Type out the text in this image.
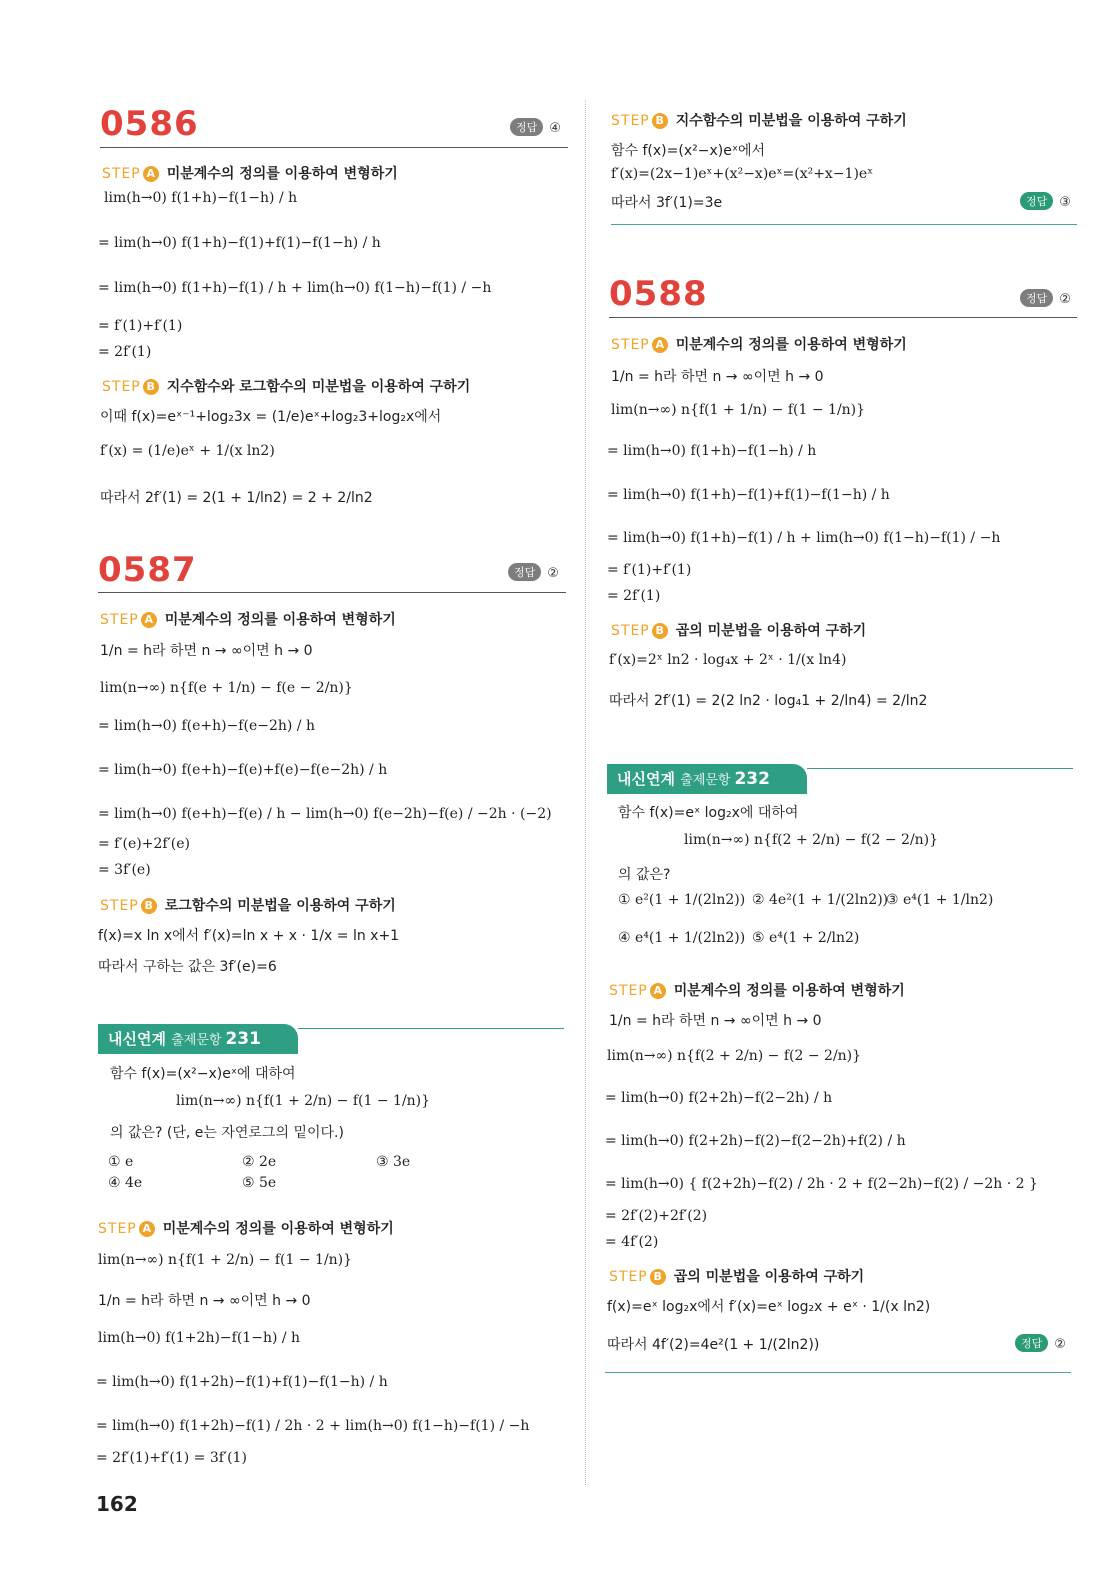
0586	정답 ④
STEP A 미분계수의 정의를 이용하여 변형하기
lim(h→0) f(1+h)−f(1−h) / h
= lim(h→0) f(1+h)−f(1)+f(1)−f(1−h) / h
= lim(h→0) f(1+h)−f(1) / h + lim(h→0) f(1−h)−f(1) / −h
= f′(1)+f′(1)
= 2f′(1)
STEP B 지수함수와 로그함수의 미분법을 이용하여 구하기
이때 f(x)=eˣ⁻¹+log₂3x = (1/e)eˣ+log₂3+log₂x에서
f′(x) = (1/e)eˣ + 1/(x ln2)
따라서 2f′(1) = 2(1 + 1/ln2) = 2 + 2/ln2
0587	정답 ②
STEP A 미분계수의 정의를 이용하여 변형하기
1/n = h라 하면 n → ∞이면 h → 0
lim(n→∞) n{f(e + 1/n) − f(e − 2/n)}
= lim(h→0) f(e+h)−f(e−2h) / h
= lim(h→0) f(e+h)−f(e)+f(e)−f(e−2h) / h
= lim(h→0) f(e+h)−f(e) / h − lim(h→0) f(e−2h)−f(e) / −2h · (−2)
= f′(e)+2f′(e)
= 3f′(e)
STEP B 로그함수의 미분법을 이용하여 구하기
f(x)=x ln x에서 f′(x)=ln x + x · 1/x = ln x+1
따라서 구하는 값은 3f′(e)=6
내신연계 출제문항 231
함수 f(x)=(x²−x)eˣ에 대하여
lim(n→∞) n{f(1 + 2/n) − f(1 − 1/n)}
의 값은? (단, e는 자연로그의 밑이다.)
① e	② 2e	③ 3e
④ 4e	⑤ 5e
STEP A 미분계수의 정의를 이용하여 변형하기
lim(n→∞) n{f(1 + 2/n) − f(1 − 1/n)}
1/n = h라 하면 n → ∞이면 h → 0
lim(h→0) f(1+2h)−f(1−h) / h
= lim(h→0) f(1+2h)−f(1)+f(1)−f(1−h) / h
= lim(h→0) f(1+2h)−f(1) / 2h · 2 + lim(h→0) f(1−h)−f(1) / −h
= 2f′(1)+f′(1) = 3f′(1)
162
STEP B 지수함수의 미분법을 이용하여 구하기
함수 f(x)=(x²−x)eˣ에서
f′(x)=(2x−1)eˣ+(x²−x)eˣ=(x²+x−1)eˣ
따라서 3f′(1)=3e	정답 ③
0588	정답 ②
STEP A 미분계수의 정의를 이용하여 변형하기
1/n = h라 하면 n → ∞이면 h → 0
lim(n→∞) n{f(1 + 1/n) − f(1 − 1/n)}
= lim(h→0) f(1+h)−f(1−h) / h
= lim(h→0) f(1+h)−f(1)+f(1)−f(1−h) / h
= lim(h→0) f(1+h)−f(1) / h + lim(h→0) f(1−h)−f(1) / −h
= f′(1)+f′(1)
= 2f′(1)
STEP B 곱의 미분법을 이용하여 구하기
f′(x)=2ˣ ln2 · log₄x + 2ˣ · 1/(x ln4)
따라서 2f′(1) = 2(2 ln2 · log₄1 + 2/ln4) = 2/ln2
내신연계 출제문항 232
함수 f(x)=eˣ log₂x에 대하여
lim(n→∞) n{f(2 + 2/n) − f(2 − 2/n)}
의 값은?
① e²(1 + 1/(2ln2)) ② 4e²(1 + 1/(2ln2))
③ e⁴(1 + 1/ln2)
④ e⁴(1 + 1/(2ln2)) ⑤ e⁴(1 + 2/ln2)
STEP A 미분계수의 정의를 이용하여 변형하기
1/n = h라 하면 n → ∞이면 h → 0
lim(n→∞) n{f(2 + 2/n) − f(2 − 2/n)}
= lim(h→0) f(2+2h)−f(2−2h) / h
= lim(h→0) f(2+2h)−f(2)−f(2−2h)+f(2) / h
= lim(h→0) { f(2+2h)−f(2) / 2h · 2 + f(2−2h)−f(2) / −2h · 2 }
= 2f′(2)+2f′(2)
= 4f′(2)
STEP B 곱의 미분법을 이용하여 구하기
f(x)=eˣ log₂x에서 f′(x)=eˣ log₂x + eˣ · 1/(x ln2)
따라서 4f′(2)=4e²(1 + 1/(2ln2))	정답 ②
